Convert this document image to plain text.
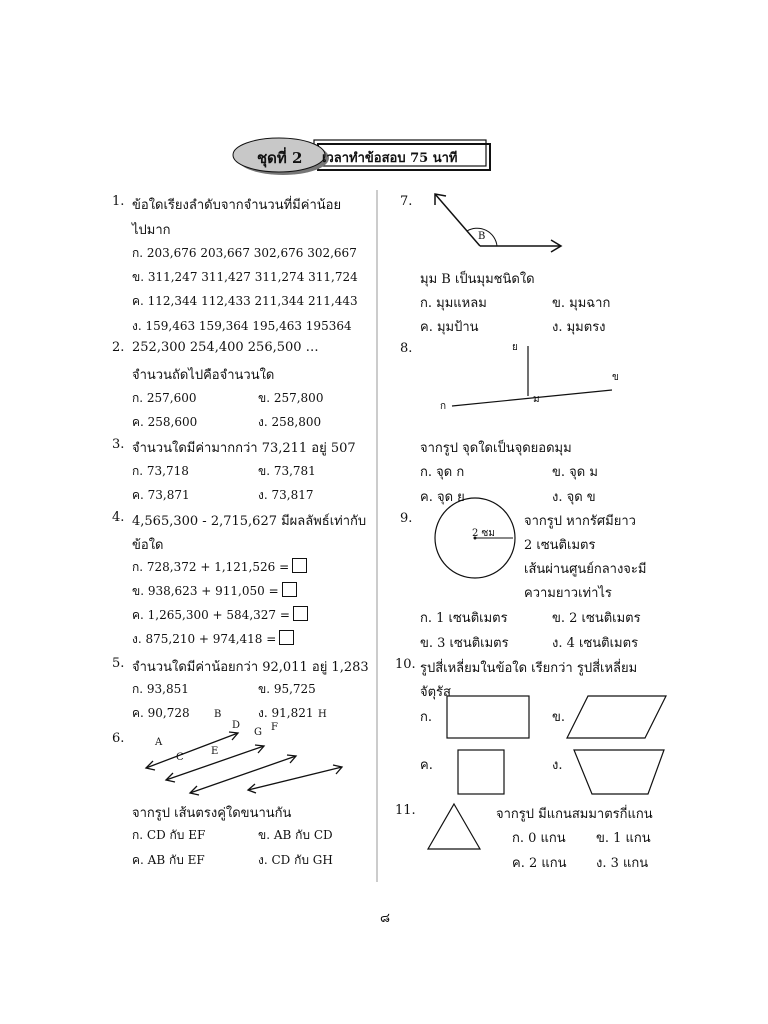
ชุดที่ 2 เวลาทำข้อสอบ 75 นาที
1. ข้อใดเรียงลำดับจากจำนวนที่มีค่าน้อย
ไปมาก
ก. 203,676 203,667 302,676 302,667
ข. 311,247 311,427 311,274 311,724
ค. 112,344 112,433 211,344 211,443
ง. 159,463 159,364 195,463 195364
2. 252,300 254,400 256,500 …
จำนวนถัดไปคือจำนวนใด
ก. 257,600	ข. 257,800
ค. 258,600	ง. 258,800
3. จำนวนใดมีค่ามากกว่า 73,211 อยู่ 507
ก. 73,718	ข. 73,781
ค. 73,871	ง. 73,817
4. 4,565,300 - 2,715,627 มีผลลัพธ์เท่ากับ
ข้อใด
ก. 728,372 + 1,121,526 =
ข. 938,623 + 911,050 =
ค. 1,265,300 + 584,327 =
ง. 875,210 + 974,418 =
5. จำนวนใดมีค่าน้อยกว่า 92,011 อยู่ 1,283
ก. 93,851	ข. 95,725
ค. 90,728	ง. 91,821
6.	A
B
C
D
E
F
G
H
จากรูป เส้นตรงคู่ใดขนานกัน
ก. CD กับ EF	ข. AB กับ CD
ค. AB กับ EF	ง. CD กับ GH
7.
B
มุม B เป็นมุมชนิดใด
ก. มุมแหลม	ข. มุมฉาก
ค. มุมป้าน	ง. มุมตรง
8.	ย
ข
ก
ม
จากรูป จุดใดเป็นจุดยอดมุม
ก. จุด ก	ข. จุด ม
ค. จุด ย	ง. จุด ข
9.
2 ซม
จากรูป หากรัศมียาว
2 เซนติเมตร
เส้นผ่านศูนย์กลางจะมี
ความยาวเท่าไร
ก. 1 เซนติเมตร	ข. 2 เซนติเมตร
ข. 3 เซนติเมตร	ง. 4 เซนติเมตร
10. รูปสี่เหลี่ยมในข้อใด เรียกว่า รูปสี่เหลี่ยม
จัตุรัส
ก.	ข.
ค.	ง.
11.	จากรูป มีแกนสมมาตรกี่แกน
ก. 0 แกน ข. 1 แกน
ค. 2 แกน ง. 3 แกน
๘
